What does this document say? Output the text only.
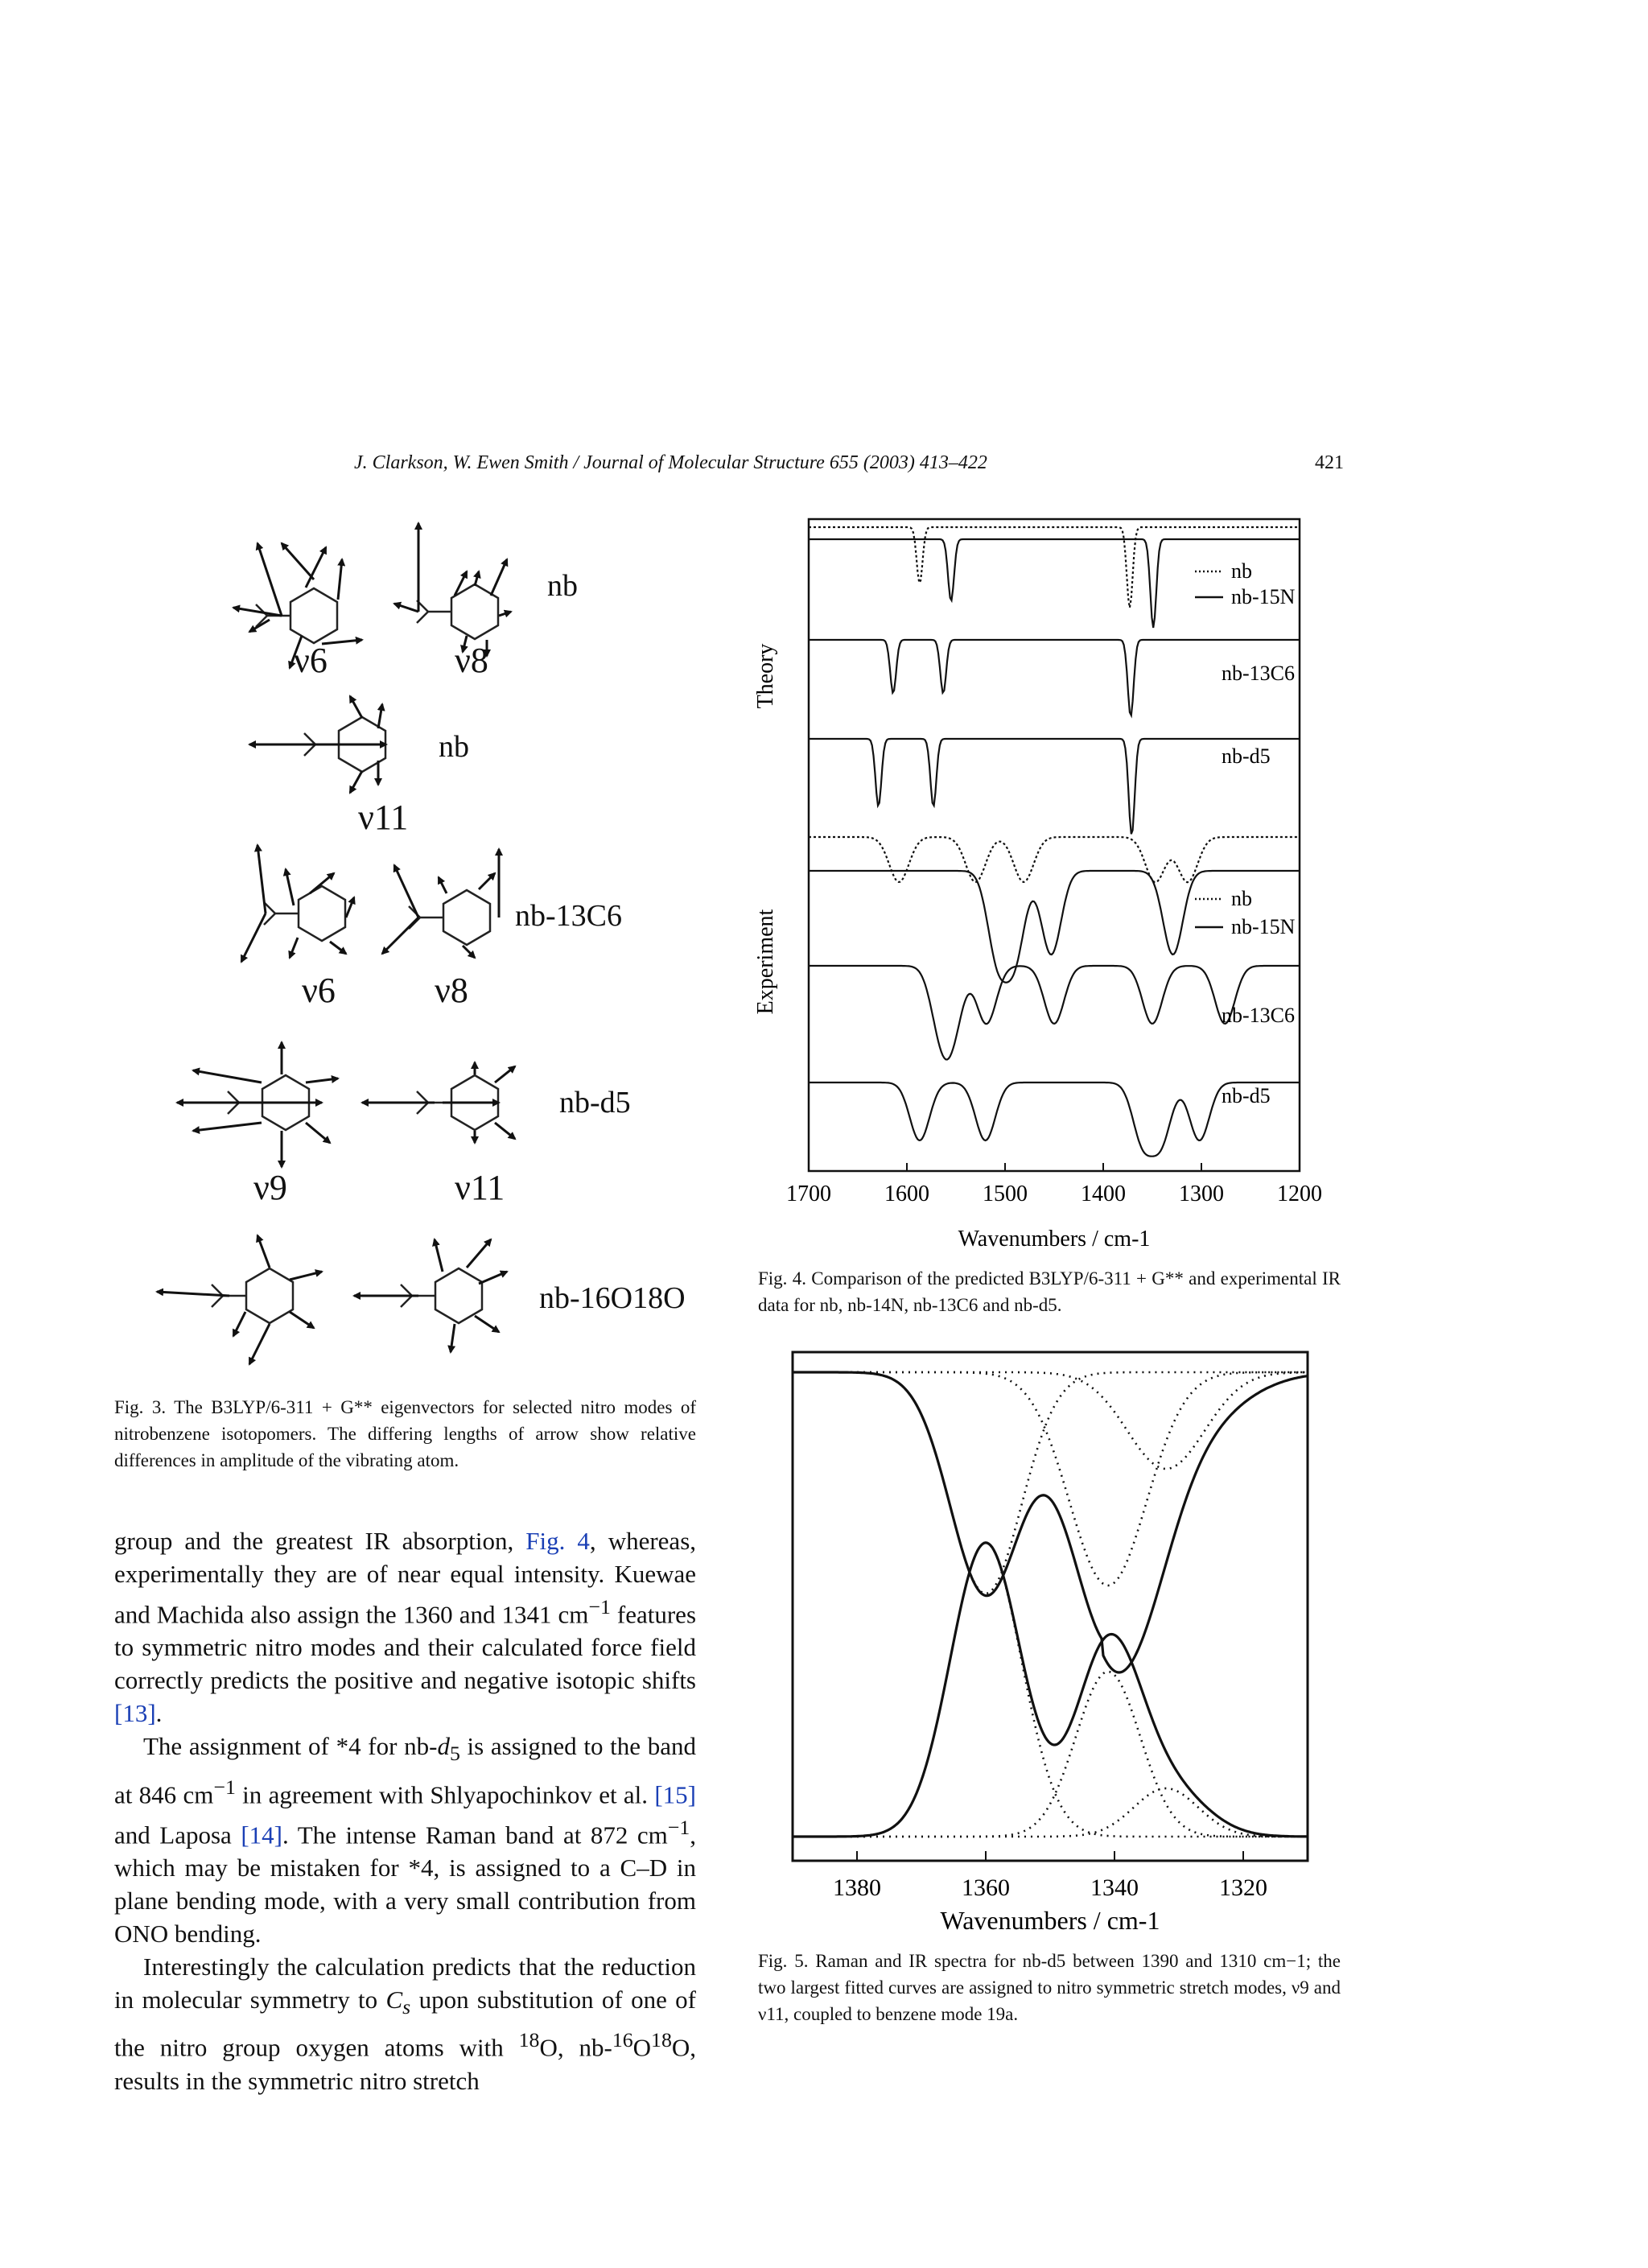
J. Clarkson, W. Ewen Smith / Journal of Molecular Structure 655 (2003) 413–422	421
nb
ν6	ν8
nb
ν11
nb-13C6
ν6	ν8
nb-d5
ν9	ν11
nb-16O18O
Fig. 3. The B3LYP/6-311 + G** eigenvectors for selected nitro modes of nitrobenzene isotopomers. The differing lengths of arrow show relative differences in amplitude of the vibrating atom.

group and the greatest IR absorption, Fig. 4, whereas, experimentally they are of near equal intensity. Kuewae and Machida also assign the 1360 and 1341 $cm^{-1}$ features to symmetric nitro modes and their calculated force field correctly predicts the positive and negative isotopic shifts [13].

The assignment of *4 for $nb-d_5$ is assigned to the band at 846 $cm^{-1}$ in agreement with Shlyapochinkov et al. [15] and Laposa [14]. The intense Raman band at 872 $cm^{-1}$, which may be mistaken for *4, is assigned to a C–D in plane bending mode, with a very small contribution from ONO bending.

Interestingly the calculation predicts that the reduction in molecular symmetry to $C_s$ upon substitution of one of the nitro group oxygen atoms with $^{18}$O, $nb-^{16}O^{18}O$, results in the symmetric nitro stretch

1700 1600 1500 1400 1300 1200
Theory
Experiment
Wavenumbers / cm-1
nb
nb-15N
nb
nb-15N
nb-13C6
nb-d5
nb-13C6
nb-d5
Fig. 4. Comparison of the predicted B3LYP/6-311 + G** and experimental IR data for nb, nb-14N, nb-13C6 and nb-d5.
1380	1360	1340	1320
Wavenumbers / cm-1
Fig. 5. Raman and IR spectra for nb-d5 between 1390 and 1310 cm−1; the two largest fitted curves are assigned to nitro symmetric stretch modes, ν9 and ν11, coupled to benzene mode 19a.
